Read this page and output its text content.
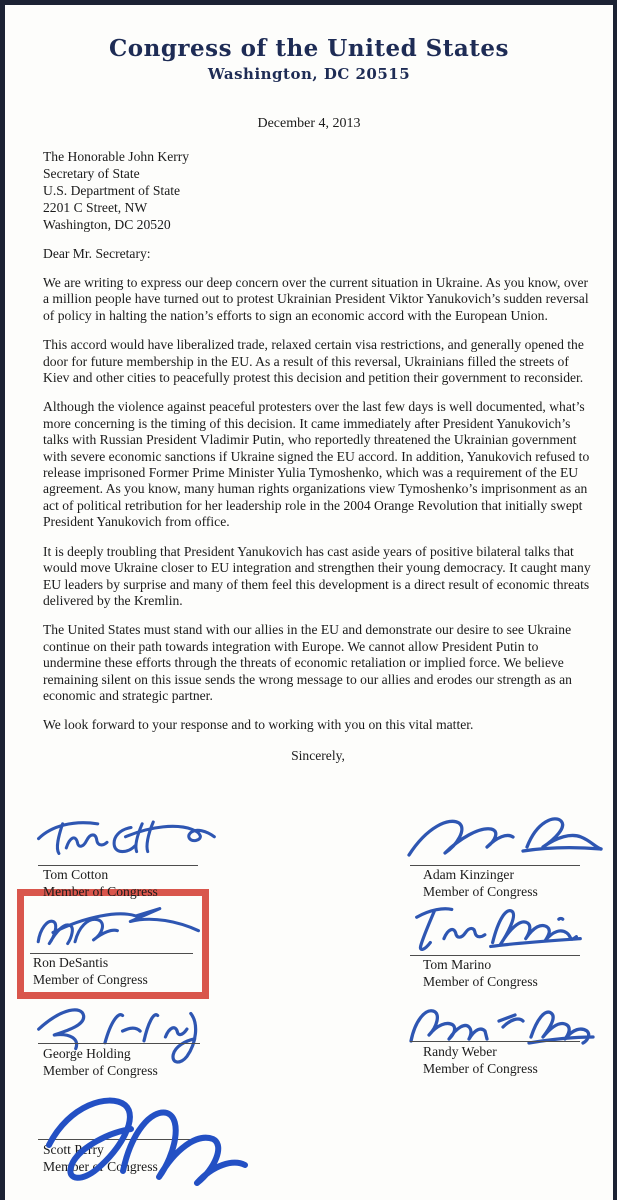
Congress of the United States
Washington, DC 20515
December 4, 2013
The Honorable John Kerry
Secretary of State
U.S. Department of State
2201 C Street, NW
Washington, DC 20520
Dear Mr. Secretary:

We are writing to express our deep concern over the current situation in Ukraine. As you know, over a million people have turned out to protest Ukrainian President Viktor Yanukovich’s sudden reversal of policy in halting the nation’s efforts to sign an economic accord with the European Union.

This accord would have liberalized trade, relaxed certain visa restrictions, and generally opened the door for future membership in the EU. As a result of this reversal, Ukrainians filled the streets of Kiev and other cities to peacefully protest this decision and petition their government to reconsider.

Although the violence against peaceful protesters over the last few days is well documented, what’s more concerning is the timing of this decision. It came immediately after President Yanukovich’s talks with Russian President Vladimir Putin, who reportedly threatened the Ukrainian government with severe economic sanctions if Ukraine signed the EU accord. In addition, Yanukovich refused to release imprisoned Former Prime Minister Yulia Tymoshenko, which was a requirement of the EU agreement. As you know, many human rights organizations view Tymoshenko’s imprisonment as an act of political retribution for her leadership role in the 2004 Orange Revolution that initially swept President Yanukovich from office.

It is deeply troubling that President Yanukovich has cast aside years of positive bilateral talks that would move Ukraine closer to EU integration and strengthen their young democracy. It caught many EU leaders by surprise and many of them feel this development is a direct result of economic threats delivered by the Kremlin.

The United States must stand with our allies in the EU and demonstrate our desire to see Ukraine continue on their path towards integration with Europe. We cannot allow President Putin to undermine these efforts through the threats of economic retaliation or implied force. We believe remaining silent on this issue sends the wrong message to our allies and erodes our strength as an economic and strategic partner.

We look forward to your response and to working with you on this vital matter.

Sincerely,
Tom Cotton
Member of Congress
Adam Kinzinger
Member of Congress
Ron DeSantis
Member of Congress
Tom Marino
Member of Congress
George Holding
Member of Congress
Randy Weber
Member of Congress
Scott Perry
Member of Congress
